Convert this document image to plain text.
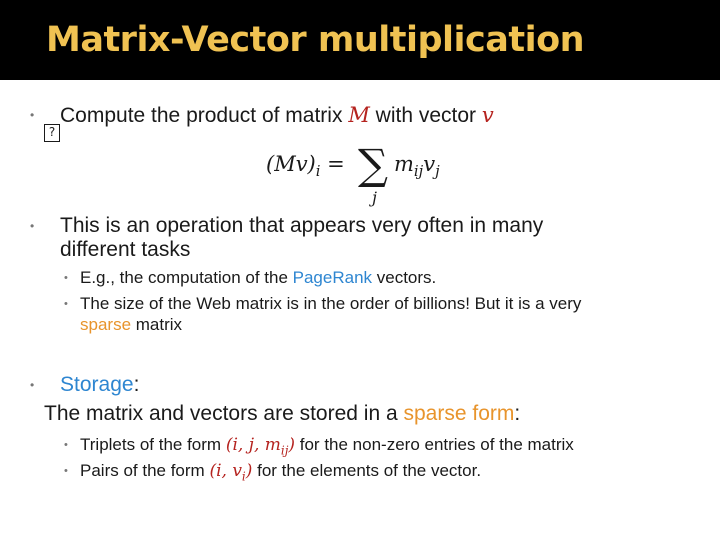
Matrix-Vector multiplication
•
?
Compute the product of matrix M with vector v
$(Mv)_i$ = ∑
j
$m_{ij}v_j$
• This is an operation that appears very often in many
different tasks
• E.g., the computation of the PageRank vectors.
• The size of the Web matrix is in the order of billions! But it is a very
sparse matrix
• Storage:
The matrix and vectors are stored in a sparse form:
• Triplets of the form (i, j, $m_{ij}$) for the non-zero entries of the matrix
• Pairs of the form (i, $v_i$) for the elements of the vector.
